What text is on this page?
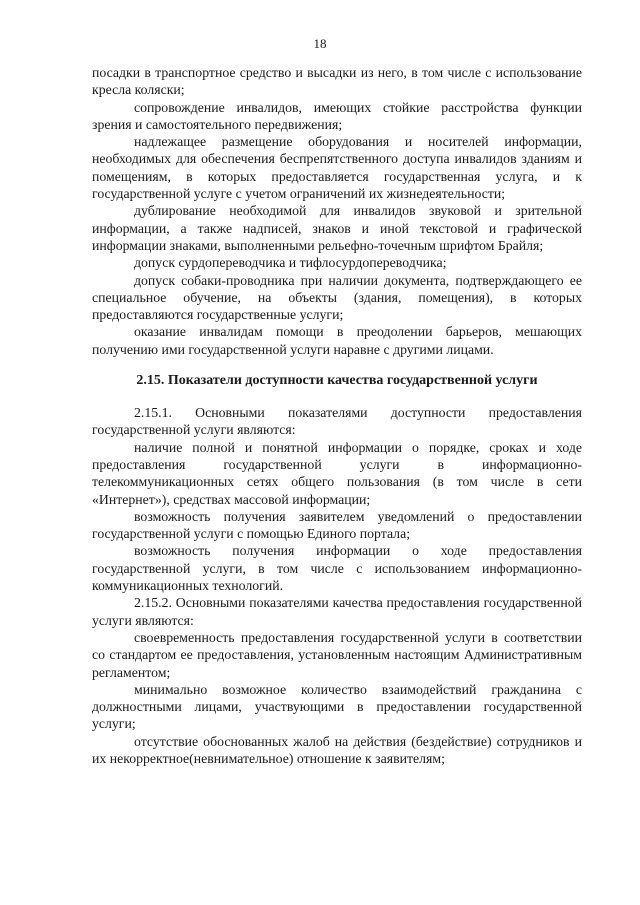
18

посадки в транспортное средство и высадки из него, в том числе с использование кресла коляски;

сопровождение инвалидов, имеющих стойкие расстройства функции зрения и самостоятельного передвижения;

надлежащее размещение оборудования и носителей информации, необходимых для обеспечения беспрепятственного доступа инвалидов зданиям и помещениям, в которых предоставляется государственная услуга, и к государственной услуге с учетом ограничений их жизнедеятельности;

дублирование необходимой для инвалидов звуковой и зрительной информации, а также надписей, знаков и иной текстовой и графической информации знаками, выполненными рельефно-точечным шрифтом Брайля;

допуск сурдопереводчика и тифлосурдопереводчика;

допуск собаки-проводника при наличии документа, подтверждающего ее специальное обучение, на объекты (здания, помещения), в которых предоставляются государственные услуги;

оказание инвалидам помощи в преодолении барьеров, мешающих получению ими государственной услуги наравне с другими лицами.

2.15. Показатели доступности качества государственной услуги

2.15.1. Основными показателями доступности предоставления государственной услуги являются:

наличие полной и понятной информации о порядке, сроках и ходе предоставления государственной услуги в информационно-телекоммуникационных сетях общего пользования (в том числе в сети «Интернет»), средствах массовой информации;

возможность получения заявителем уведомлений о предоставлении государственной услуги с помощью Единого портала;

возможность получения информации о ходе предоставления государственной услуги, в том числе с использованием информационно-коммуникационных технологий.

2.15.2. Основными показателями качества предоставления государственной услуги являются:

своевременность предоставления государственной услуги в соответствии со стандартом ее предоставления, установленным настоящим Административным регламентом;

минимально возможное количество взаимодействий гражданина с должностными лицами, участвующими в предоставлении государственной услуги;

отсутствие обоснованных жалоб на действия (бездействие) сотрудников и их некорректное(невнимательное) отношение к заявителям;
